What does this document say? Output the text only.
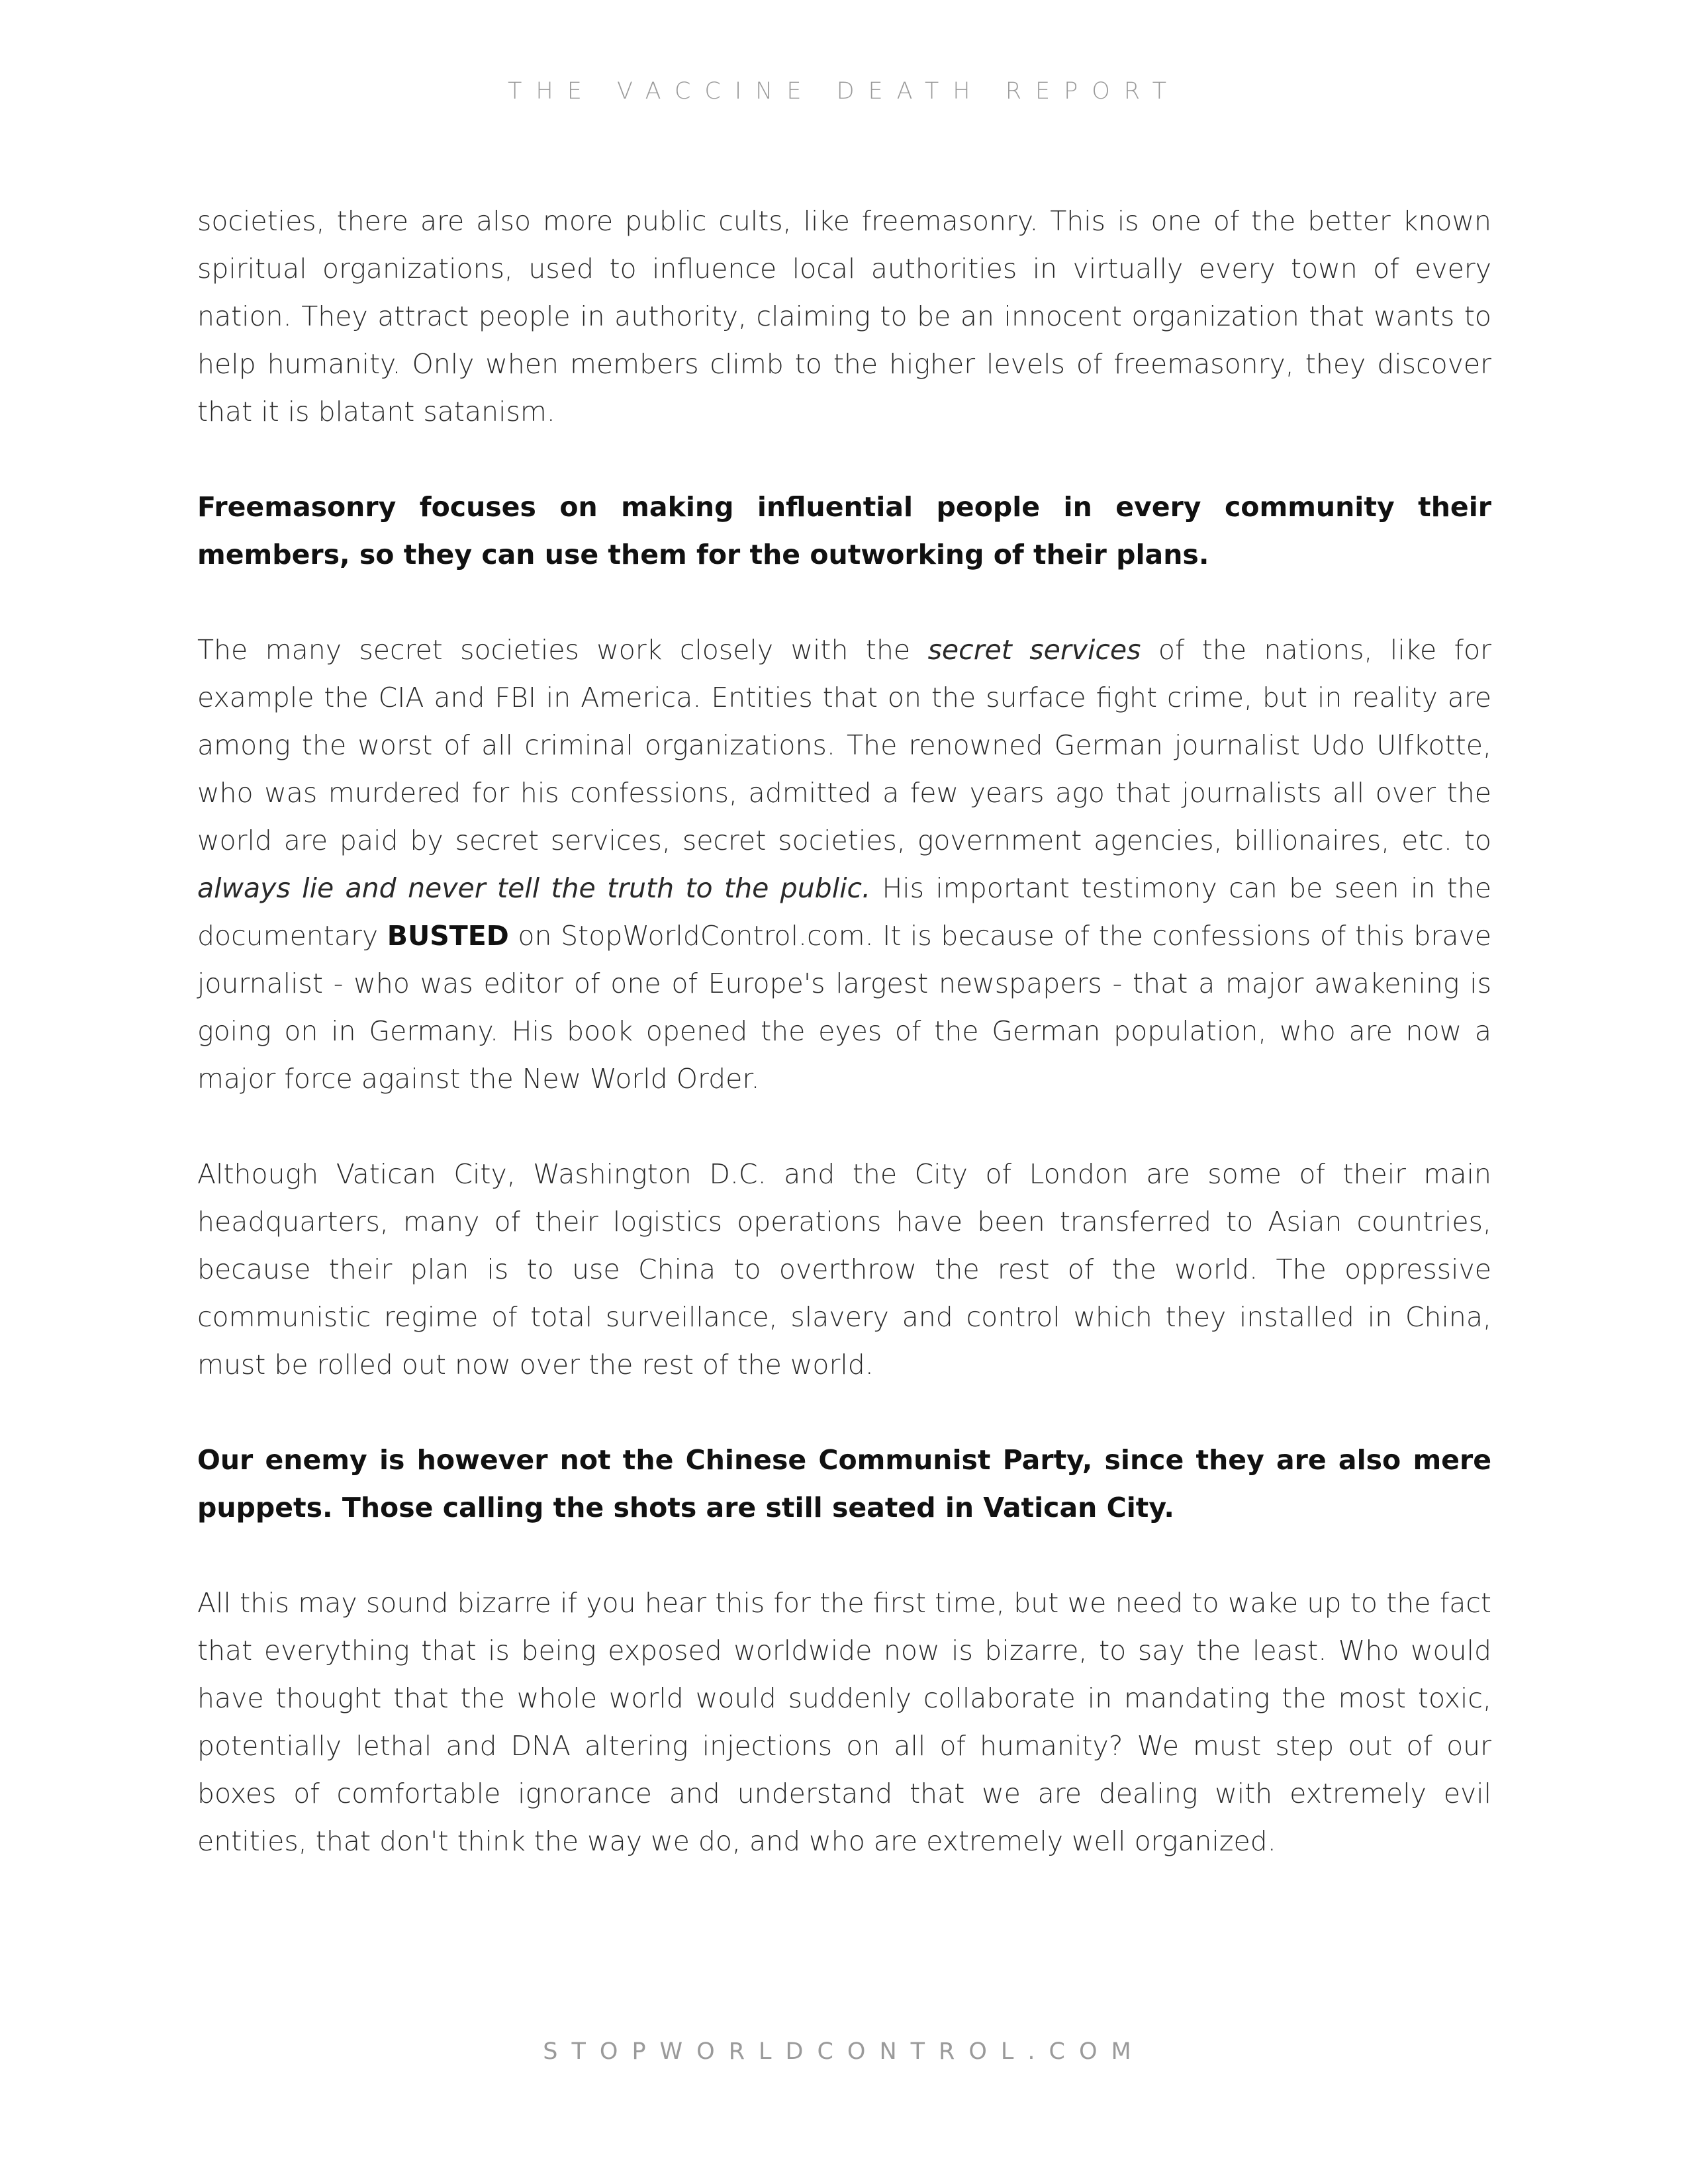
THE VACCINE DEATH REPORT

societies, there are also more public cults, like freemasonry. This is one of the better known spiritual organizations, used to influence local authorities in virtually every town of every nation. They attract people in authority, claiming to be an innocent organization that wants to help humanity. Only when members climb to the higher levels of freemasonry, they discover that it is blatant satanism.

Freemasonry focuses on making influential people in every community their members, so they can use them for the outworking of their plans.

The many secret societies work closely with the secret services of the nations, like for example the CIA and FBI in America. Entities that on the surface fight crime, but in reality are among the worst of all criminal organizations. The renowned German journalist Udo Ulfkotte, who was murdered for his confessions, admitted a few years ago that journalists all over the world are paid by secret services, secret societies, government agencies, billionaires, etc. to always lie and never tell the truth to the public. His important testimony can be seen in the documentary BUSTED on StopWorldControl.com. It is because of the confessions of this brave journalist - who was editor of one of Europe's largest newspapers - that a major awakening is going on in Germany. His book opened the eyes of the German population, who are now a major force against the New World Order.

Although Vatican City, Washington D.C. and the City of London are some of their main headquarters, many of their logistics operations have been transferred to Asian countries, because their plan is to use China to overthrow the rest of the world. The oppressive communistic regime of total surveillance, slavery and control which they installed in China, must be rolled out now over the rest of the world.

Our enemy is however not the Chinese Communist Party, since they are also mere puppets. Those calling the shots are still seated in Vatican City.

All this may sound bizarre if you hear this for the first time, but we need to wake up to the fact that everything that is being exposed worldwide now is bizarre, to say the least. Who would have thought that the whole world would suddenly collaborate in mandating the most toxic, potentially lethal and DNA altering injections on all of humanity? We must step out of our boxes of comfortable ignorance and understand that we are dealing with extremely evil entities, that don't think the way we do, and who are extremely well organized.

STOPWORLDCONTROL.COM
